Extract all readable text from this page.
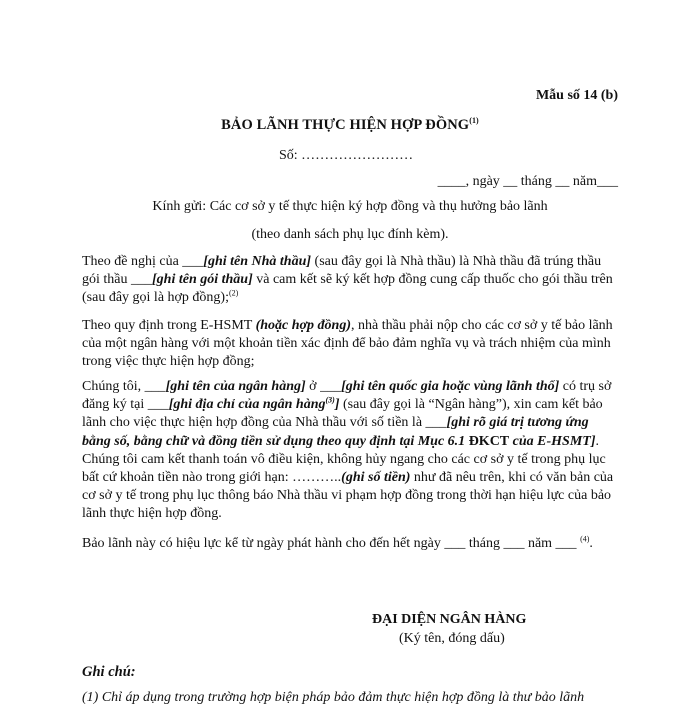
Mẫu số 14 (b)
BẢO LÃNH THỰC HIỆN HỢP ĐỒNG$^{(1)}$
Số: ……………………
____, ngày __ tháng __ năm___
Kính gửi: Các cơ sở y tế thực hiện ký hợp đồng và thụ hưởng bảo lãnh
(theo danh sách phụ lục đính kèm).
Theo đề nghị của ___[ghi tên Nhà thầu] (sau đây gọi là Nhà thầu) là Nhà thầu đã trúng thầu gói thầu ___[ghi tên gói thầu] và cam kết sẽ ký kết hợp đồng cung cấp thuốc cho gói thầu trên (sau đây gọi là hợp đồng);$^{(2)}$
Theo quy định trong E-HSMT (hoặc hợp đồng), nhà thầu phải nộp cho các cơ sở y tế bảo lãnh của một ngân hàng với một khoản tiền xác định để bảo đảm nghĩa vụ và trách nhiệm của mình trong việc thực hiện hợp đồng;
Chúng tôi, ___[ghi tên của ngân hàng] ở ___[ghi tên quốc gia hoặc vùng lãnh thổ] có trụ sở đăng ký tại ___[ghi địa chỉ của ngân hàng$^{(3)}$] (sau đây gọi là “Ngân hàng”), xin cam kết bảo lãnh cho việc thực hiện hợp đồng của Nhà thầu với số tiền là ___[ghi rõ giá trị tương ứng bằng số, bằng chữ và đồng tiền sử dụng theo quy định tại Mục 6.1 ĐKCT của E-HSMT]. Chúng tôi cam kết thanh toán vô điều kiện, không hủy ngang cho các cơ sở y tế trong phụ lục bất cứ khoản tiền nào trong giới hạn: ………..(ghi số tiền) như đã nêu trên, khi có văn bản của cơ sở y tế trong phụ lục thông báo Nhà thầu vi phạm hợp đồng trong thời hạn hiệu lực của bảo lãnh thực hiện hợp đồng.
Bảo lãnh này có hiệu lực kể từ ngày phát hành cho đến hết ngày ___ tháng ___ năm ___ $^{(4)}$.
ĐẠI DIỆN NGÂN HÀNG
(Ký tên, đóng dấu)
Ghi chú:
(1) Chỉ áp dụng trong trường hợp biện pháp bảo đảm thực hiện hợp đồng là thư bảo lãnh
